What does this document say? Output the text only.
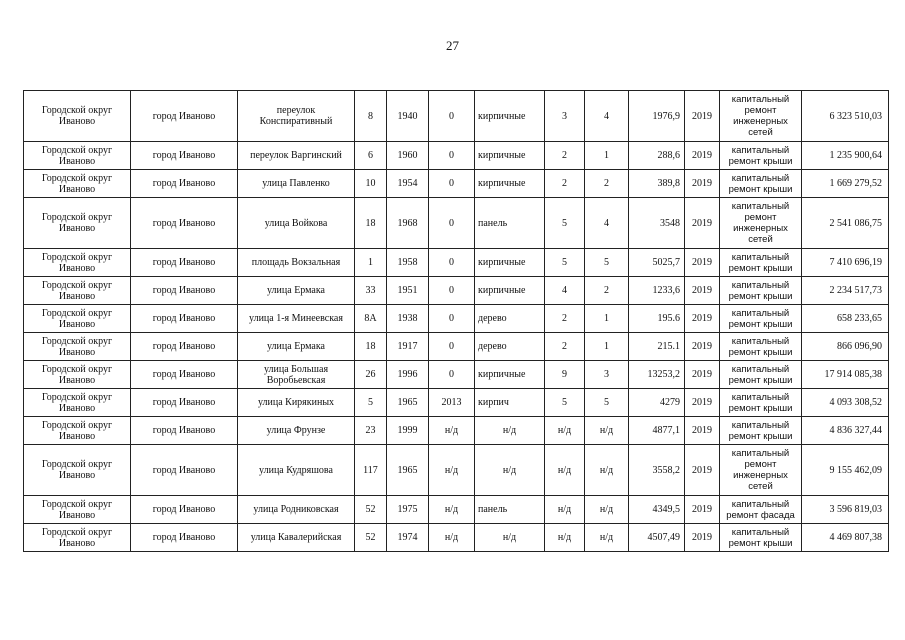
27
Городской округ Иваново	город Иваново	переулок Конспиративный	8	1940	0	кирпичные	3	4	1976,9	2019	капитальный ремонт инженерных сетей	6 323 510,03
Городской округ Иваново	город Иваново	переулок Варгинский	6	1960	0	кирпичные	2	1	288,6	2019	капитальный ремонт крыши	1 235 900,64
Городской округ Иваново	город Иваново	улица Павленко	10	1954	0	кирпичные	2	2	389,8	2019	капитальный ремонт крыши	1 669 279,52
Городской округ Иваново	город Иваново	улица Войкова	18	1968	0	панель	5	4	3548	2019	капитальный ремонт инженерных сетей	2 541 086,75
Городской округ Иваново	город Иваново	площадь Вокзальная	1	1958	0	кирпичные	5	5	5025,7	2019	капитальный ремонт крыши	7 410 696,19
Городской округ Иваново	город Иваново	улица Ермака	33	1951	0	кирпичные	4	2	1233,6	2019	капитальный ремонт крыши	2 234 517,73
Городской округ Иваново	город Иваново	улица 1-я Минеевская	8А	1938	0	дерево	2	1	195.6	2019	капитальный ремонт крыши	658 233,65
Городской округ Иваново	город Иваново	улица Ермака	18	1917	0	дерево	2	1	215.1	2019	капитальный ремонт крыши	866 096,90
Городской округ Иваново	город Иваново	улица Большая Воробьевская	26	1996	0	кирпичные	9	3	13253,2	2019	капитальный ремонт крыши	17 914 085,38
Городской округ Иваново	город Иваново	улица Кирякиных	5	1965	2013	кирпич	5	5	4279	2019	капитальный ремонт крыши	4 093 308,52
Городской округ Иваново	город Иваново	улица Фрунзе	23	1999	н/д	н/д	н/д	н/д	4877,1	2019	капитальный ремонт крыши	4 836 327,44
Городской округ Иваново	город Иваново	улица Кудряшова	117	1965	н/д	н/д	н/д	н/д	3558,2	2019	капитальный ремонт инженерных сетей	9 155 462,09
Городской округ Иваново	город Иваново	улица Родниковская	52	1975	н/д	панель	н/д	н/д	4349,5	2019	капитальный ремонт фасада	3 596 819,03
Городской округ Иваново	город Иваново	улица Кавалерийская	52	1974	н/д	н/д	н/д	н/д	4507,49	2019	капитальный ремонт крыши	4 469 807,38
